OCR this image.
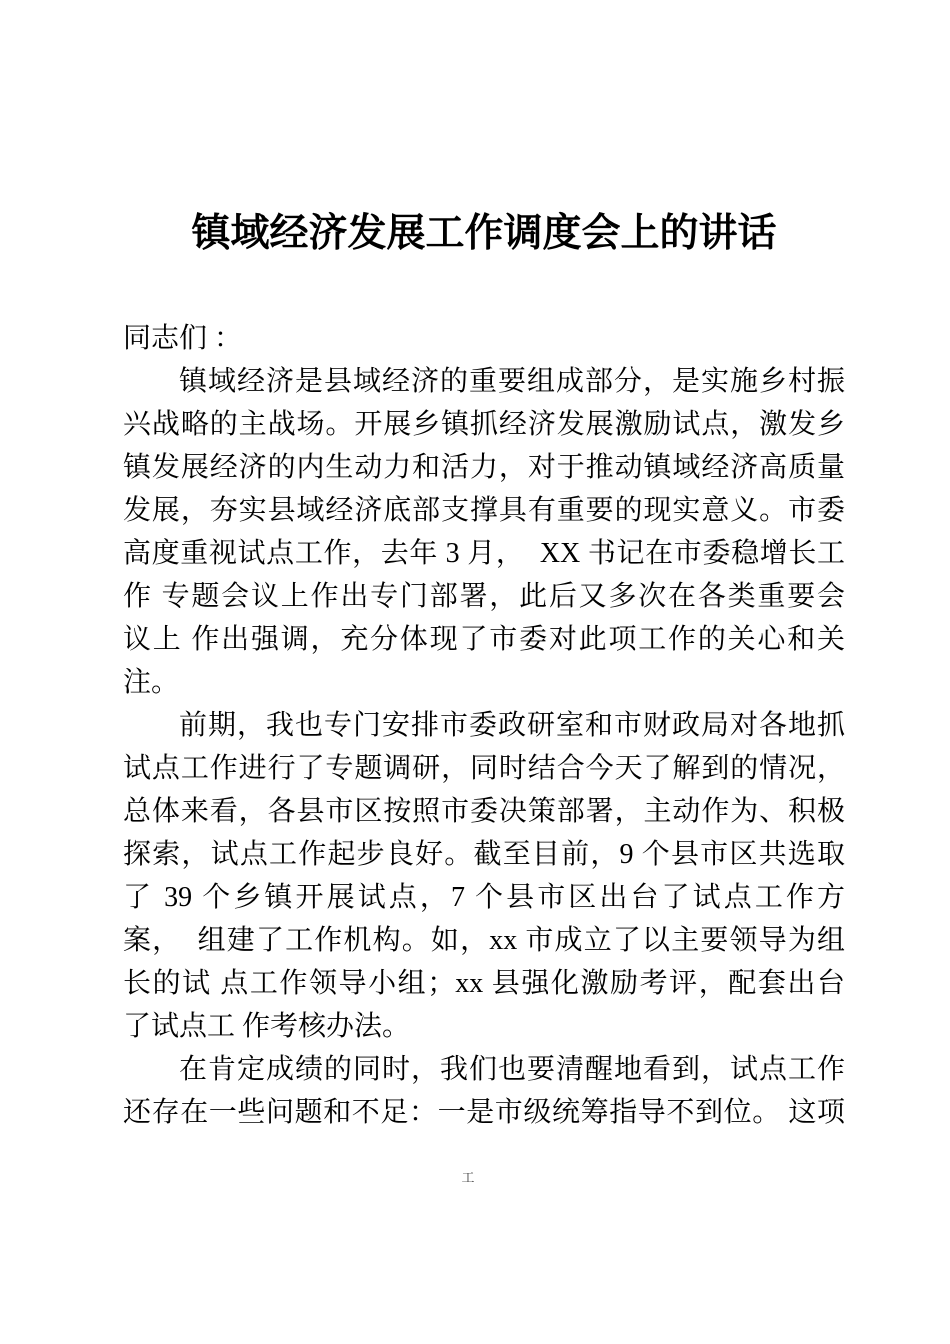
镇域经济发展工作调度会上的讲话
同志们 ：
镇域经济是县域经济的重要组成部分，是实施乡村振
兴战略的主战场。开展乡镇抓经济发展激励试点，激发乡
镇发展经济的内生动力和活力，对于推动镇域经济高质量
发展，夯实县域经济底部支撑具有重要的现实意义。市委
高度重视试点工作，去年 3 月，  XX 书记在市委稳增长工
作 专题会议上作出专门部署，此后又多次在各类重要会
议上 作出强调，充分体现了市委对此项工作的关心和关
注。
前期，我也专门安排市委政研室和市财政局对各地抓
试点工作进行了专题调研，同时结合今天了解到的情况，
总体来看，各县市区按照市委决策部署，主动作为、积极
探索，试点工作起步良好。截至目前，9 个县市区共选取
了 39 个乡镇开展试点，7 个县市区出台了试点工作方
案，  组建了工作机构。如，xx 市成立了以主要领导为组
长的试 点工作领导小组；xx 县强化激励考评，配套出台
了试点工 作考核办法。
在肯定成绩的同时，我们也要清醒地看到，试点工作
还存在一些问题和不足：一是市级统筹指导不到位。 这项
工
